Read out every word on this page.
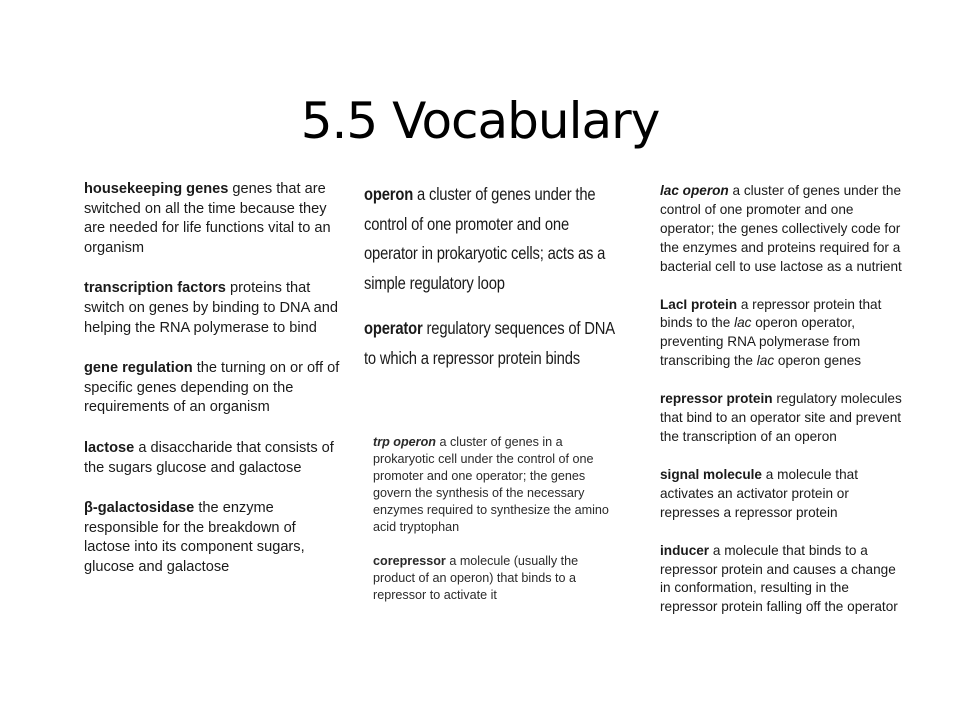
5.5 Vocabulary

housekeeping genes genes that are switched on all the time because they are needed for life functions vital to an organism

transcription factors proteins that switch on genes by binding to DNA and helping the RNA polymerase to bind

gene regulation the turning on or off of specific genes depending on the requirements of an organism

lactose a disaccharide that consists of the sugars glucose and galactose

β-galactosidase the enzyme responsible for the breakdown of lactose into its component sugars, glucose and galactose

operon a cluster of genes under the control of one promoter and one operator in prokaryotic cells; acts as a simple regulatory loop

operator regulatory sequences of DNA to which a repressor protein binds

trp operon a cluster of genes in a prokaryotic cell under the control of one promoter and one operator; the genes govern the synthesis of the necessary enzymes required to synthesize the amino acid tryptophan

corepressor a molecule (usually the product of an operon) that binds to a repressor to activate it

lac operon a cluster of genes under the control of one promoter and one operator; the genes collectively code for the enzymes and proteins required for a bacterial cell to use lactose as a nutrient

LacI protein a repressor protein that binds to the lac operon operator, preventing RNA polymerase from transcribing the lac operon genes

repressor protein regulatory molecules that bind to an operator site and prevent the transcription of an operon

signal molecule a molecule that activates an activator protein or represses a repressor protein

inducer a molecule that binds to a repressor protein and causes a change in conformation, resulting in the repressor protein falling off the operator
